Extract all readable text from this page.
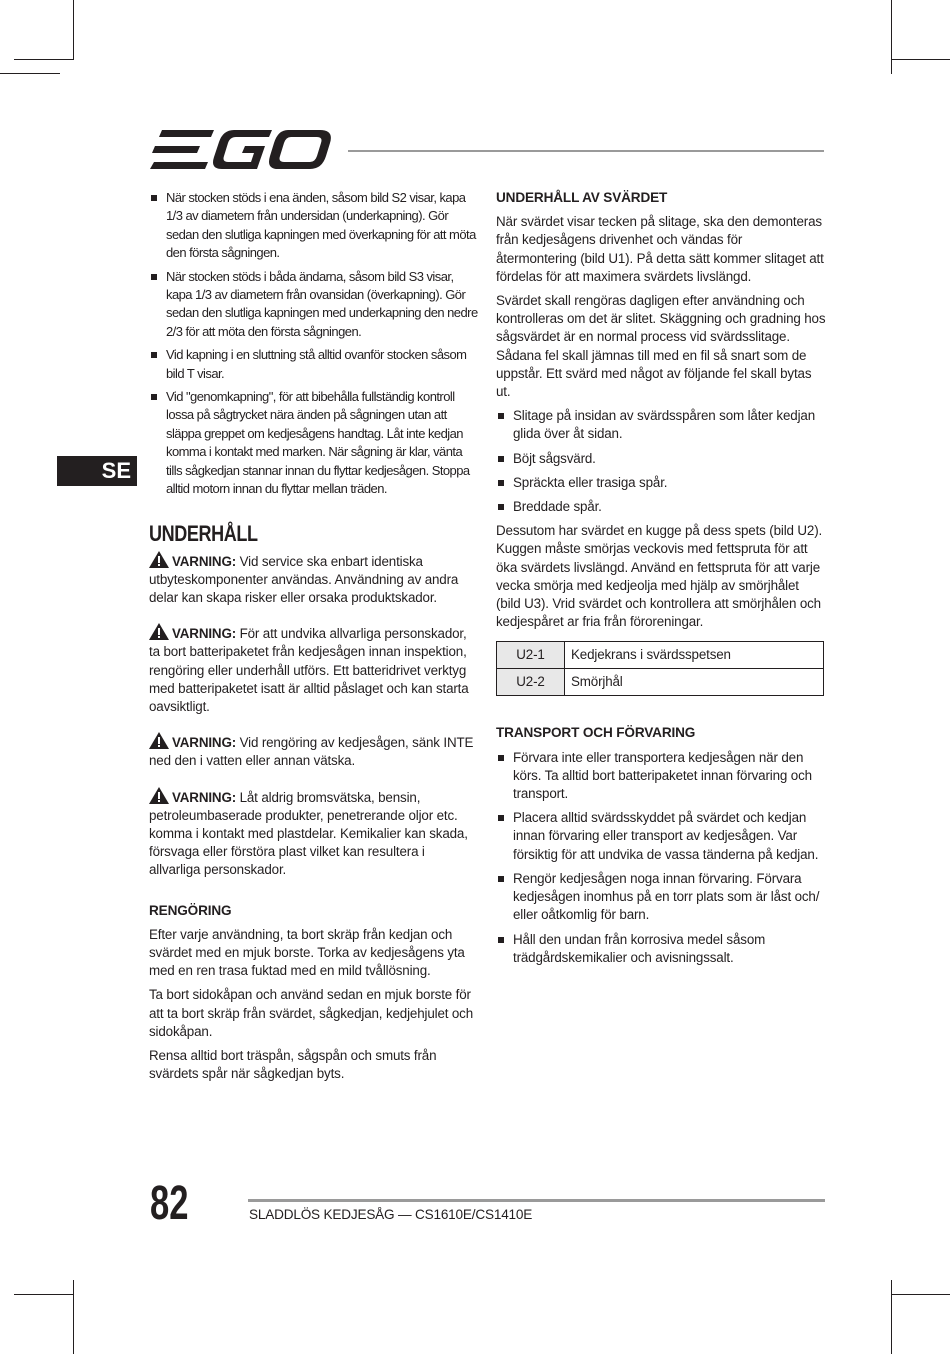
SE
När stocken stöds i ena änden, såsom bild S2 visar, kapa 1/3 av diametern från undersidan (underkapning). Gör sedan den slutliga kapningen med överkapning för att möta den första sågningen.
När stocken stöds i båda ändarna, såsom bild S3 visar, kapa 1/3 av diametern från ovansidan (överkapning). Gör sedan den slutliga kapningen med underkapning den nedre 2/3 för att möta den första sågningen.
Vid kapning i en sluttning stå alltid ovanför stocken såsom bild T visar.
Vid "genomkapning", för att bibehålla fullständig kontroll lossa på sågtrycket nära änden på sågningen utan att släppa greppet om kedjesågens handtag. Låt inte kedjan komma i kontakt med marken. När sågning är klar, vänta tills sågkedjan stannar innan du flyttar kedjesågen. Stoppa alltid motorn innan du flyttar mellan träden.
UNDERHÅLL

VARNING: Vid service ska enbart identiska utbyteskomponenter användas. Användning av andra delar kan skapa risker eller orsaka produktskador.

VARNING: För att undvika allvarliga personskador, ta bort batteripaketet från kedjesågen innan inspektion, rengöring eller underhåll utförs. Ett batteridrivet verktyg med batteripaketet isatt är alltid påslaget och kan starta oavsiktligt.

VARNING: Vid rengöring av kedjesågen, sänk INTE ned den i vatten eller annan vätska.

VARNING: Låt aldrig bromsvätska, bensin, petroleumbaserade produkter, penetrerande oljor etc. komma i kontakt med plastdelar. Kemikalier kan skada, försvaga eller förstöra plast vilket kan resultera i allvarliga personskador.

RENGÖRING

Efter varje användning, ta bort skräp från kedjan och svärdet med en mjuk borste. Torka av kedjesågens yta med en ren trasa fuktad med en mild tvållösning.

Ta bort sidokåpan och använd sedan en mjuk borste för att ta bort skräp från svärdet, sågkedjan, kedjehjulet och sidokåpan.

Rensa alltid bort träspån, sågspån och smuts från svärdets spår när sågkedjan byts.

UNDERHÅLL AV SVÄRDET

När svärdet visar tecken på slitage, ska den demonteras från kedjesågens drivenhet och vändas för återmontering (bild U1). På detta sätt kommer slitaget att fördelas för att maximera svärdets livslängd.

Svärdet skall rengöras dagligen efter användning och kontrolleras om det är slitet. Skäggning och gradning hos sågsvärdet är en normal process vid svärdsslitage. Sådana fel skall jämnas till med en fil så snart som de uppstår. Ett svärd med något av följande fel skall bytas ut.

Slitage på insidan av svärdsspåren som låter kedjan glida över åt sidan.
Böjt sågsvärd.
Spräckta eller trasiga spår.
Breddade spår.

Dessutom har svärdet en kugge på dess spets (bild U2). Kuggen måste smörjas veckovis med fettspruta för att öka svärdets livslängd. Använd en fettspruta för att varje vecka smörja med kedjeolja med hjälp av smörjhålet (bild U3). Vrid svärdet och kontrollera att smörjhålen och kedjespåret ar fria från föroreningar.

U2-1	Kedjekrans i svärdsspetsen
U2-2	Smörjhål
TRANSPORT OCH FÖRVARING
Förvara inte eller transportera kedjesågen när den körs. Ta alltid bort batteripaketet innan förvaring och transport.
Placera alltid svärdsskyddet på svärdet och kedjan innan förvaring eller transport av kedjesågen. Var försiktig för att undvika de vassa tänderna på kedjan.
Rengör kedjesågen noga innan förvaring. Förvara kedjesågen inomhus på en torr plats som är låst och/ eller oåtkomlig för barn.
Håll den undan från korrosiva medel såsom trädgårdskemikalier och avisningssalt.
82	SLADDLÖS KEDJESÅG — CS1610E/CS1410E
